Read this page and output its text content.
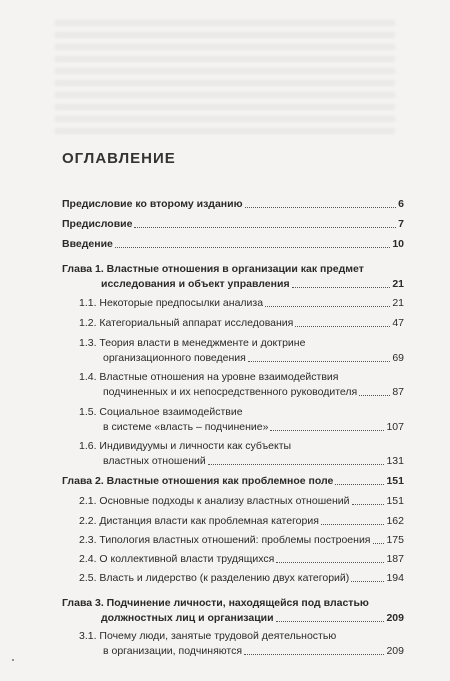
ОГЛАВЛЕНИЕ
Предисловие ко второму изданию	6
Предисловие	7
Введение	10
Глава 1. Властные отношения в организации как предмет
исследования и объект управления	21
1.1. Некоторые предпосылки анализа	21
1.2. Категориальный аппарат исследования	47
1.3. Теория власти в менеджменте и доктрине
организационного поведения	69
1.4. Властные отношения на уровне взаимодействия
подчиненных и их непосредственного руководителя	87
1.5. Социальное взаимодействие
в системе «власть – подчинение»	107
1.6. Индивидуумы и личности как субъекты
властных отношений	131
Глава 2. Властные отношения как проблемное поле	151
2.1. Основные подходы к анализу властных отношений	151
2.2. Дистанция власти как проблемная категория	162
2.3. Типология властных отношений: проблемы построения 175
2.4. О коллективной власти трудящихся	187
2.5. Власть и лидерство (к разделению двух категорий)	194
Глава 3. Подчинение личности, находящейся под властью
должностных лиц и организации	209
3.1. Почему люди, занятые трудовой деятельностью
в организации, подчиняются	209
